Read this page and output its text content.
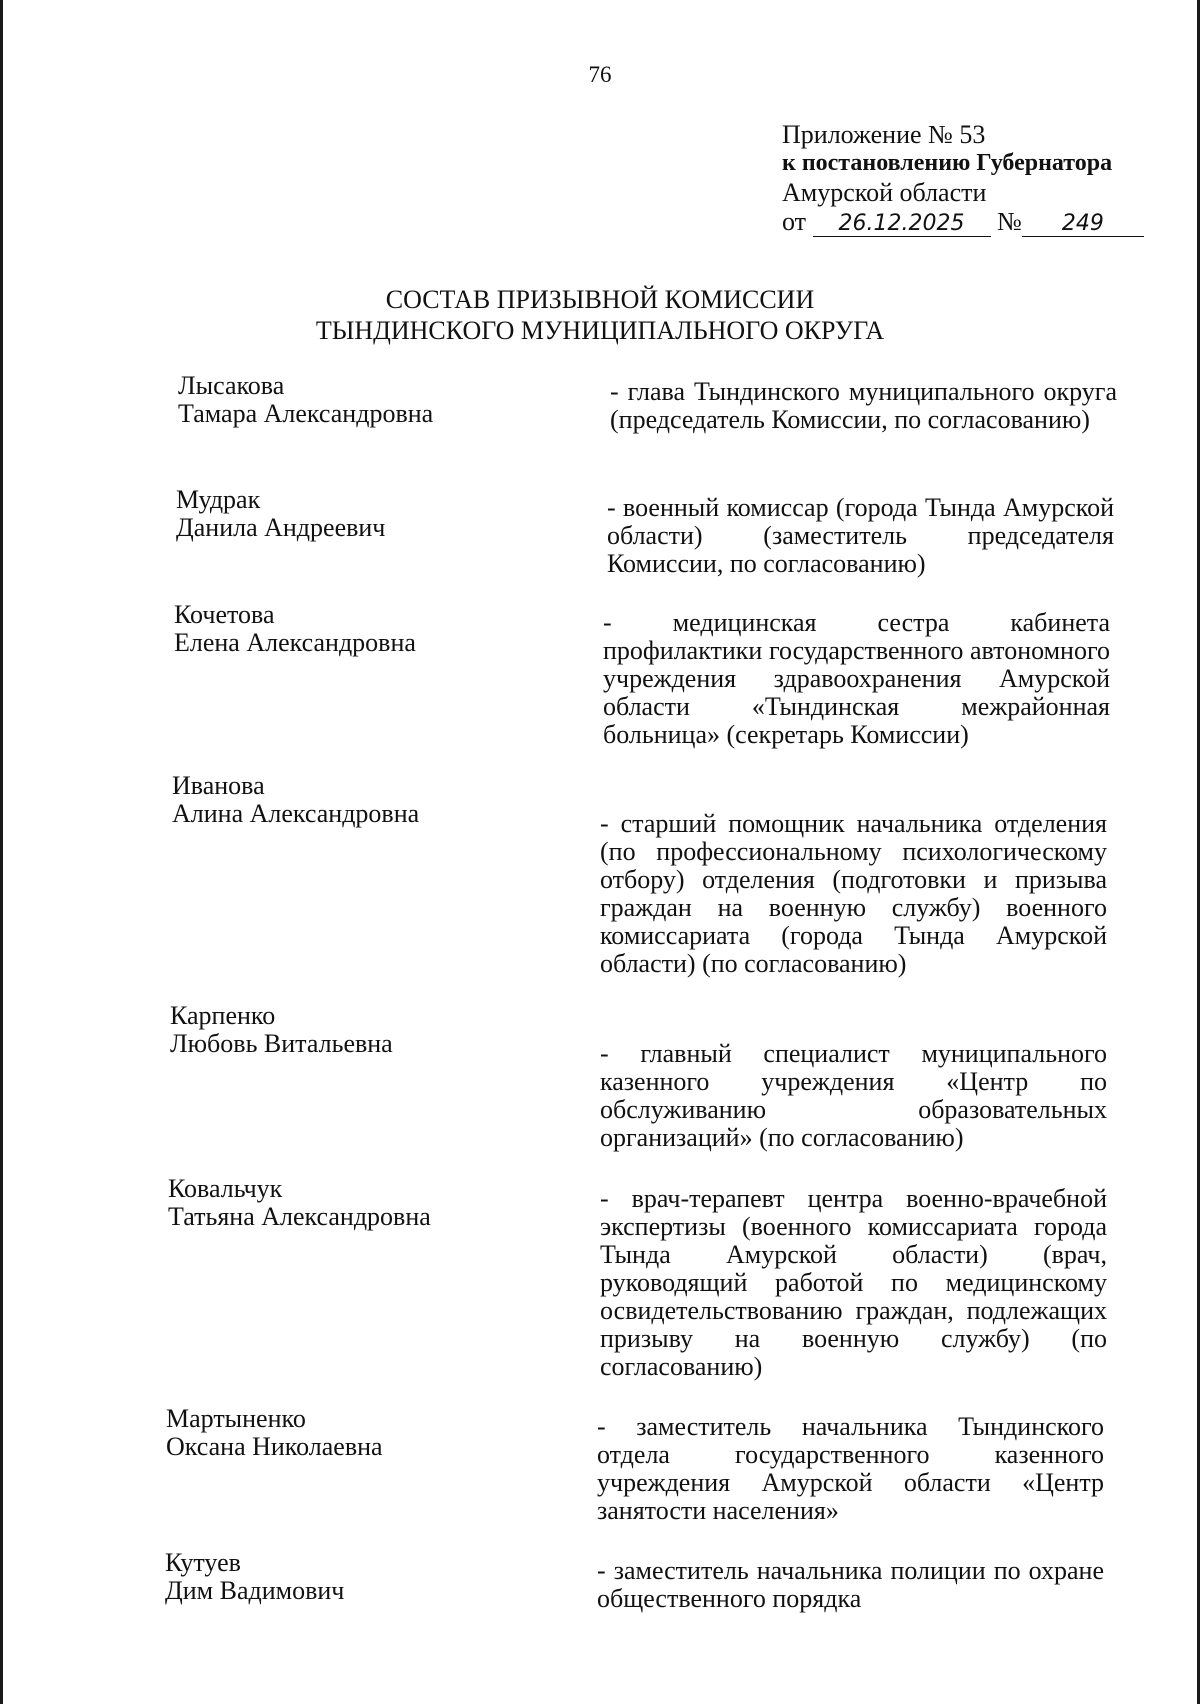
76
Приложение № 53
к постановлению Губернатора
Амурской области
от 26.12.2025 № 249
СОСТАВ ПРИЗЫВНОЙ КОМИССИИ
ТЫНДИНСКОГО МУНИЦИПАЛЬНОГО ОКРУГА
Лысакова
Тамара Александровна
- глава Тындинского муниципального округа (председатель Комиссии, по согласованию)
Мудрак
Данила Андреевич
- военный комиссар (города Тында Амурской области) (заместитель председателя Комиссии, по согласованию)
Кочетова
Елена Александровна
- медицинская сестра кабинета профилактики государственного автономного учреждения здравоохранения Амурской области «Тындинская межрайонная больница» (секретарь Комиссии)
Иванова
Алина Александровна	- старший помощник начальника отделения (по профессиональному психологическому отбору) отделения (подготовки и призыва граждан на военную службу) военного комиссариата (города Тында Амурской области) (по согласованию)
Карпенко
Любовь Витальевна	- главный специалист муниципального казенного учреждения «Центр по обслуживанию образовательных организаций» (по согласованию)
Ковальчук
Татьяна Александровна
- врач-терапевт центра военно-врачебной экспертизы (военного комиссариата города Тында Амурской области) (врач, руководящий работой по медицинскому освидетельствованию граждан, подлежащих призыву на военную службу) (по согласованию)
Мартыненко
Оксана Николаевна
- заместитель начальника Тындинского отдела государственного казенного учреждения Амурской области «Центр занятости населения»
Кутуев
Дим Вадимович
- заместитель начальника полиции по охране общественного порядка
